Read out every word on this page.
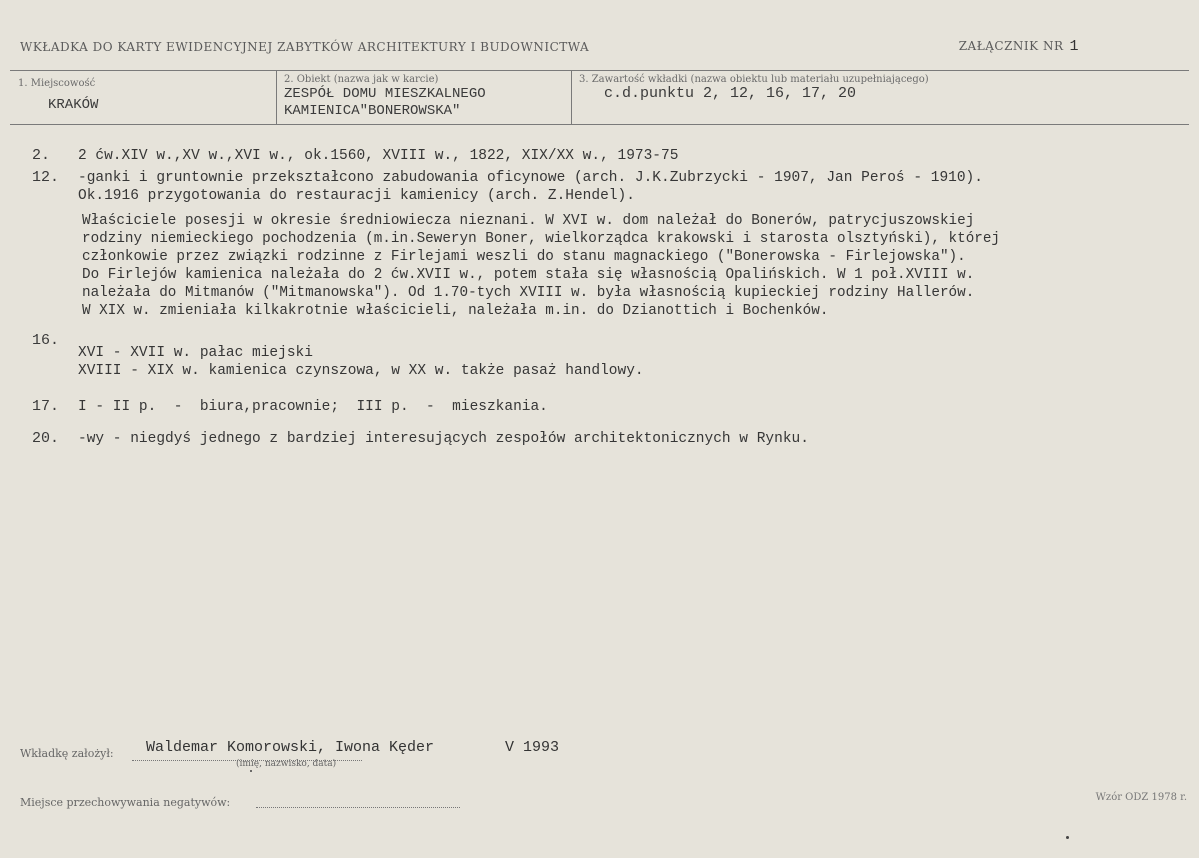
WKŁADKA DO KARTY EWIDENCYJNEJ ZABYTKÓW ARCHITEKTURY I BUDOWNICTWA	ZAŁĄCZNIK NR 1
1. Miejscowość
KRAKÓW
2. Obiekt (nazwa jak w karcie)
ZESPÓŁ DOMU MIESZKALNEGO
KAMIENICA"BONEROWSKA"
3. Zawartość wkładki (nazwa obiektu lub materiału uzupełniającego)
c.d.punktu 2, 12, 16, 17, 20
2. 2 ćw.XIV w.,XV w.,XVI w., ok.1560, XVIII w., 1822, XIX/XX w., 1973-75
12. -ganki i gruntownie przekształcono zabudowania oficynowe (arch. J.K.Zubrzycki - 1907, Jan Peroś - 1910).
Ok.1916 przygotowania do restauracji kamienicy (arch. Z.Hendel).
Właściciele posesji w okresie średniowiecza nieznani. W XVI w. dom należał do Bonerów, patrycjuszowskiej
rodziny niemieckiego pochodzenia (m.in.Seweryn Boner, wielkorządca krakowski i starosta olsztyński), której
członkowie przez związki rodzinne z Firlejami weszli do stanu magnackiego ("Bonerowska - Firlejowska").
Do Firlejów kamienica należała do 2 ćw.XVII w., potem stała się własnością Opalińskich. W 1 poł.XVIII w.
należała do Mitmanów ("Mitmanowska"). Od 1.70-tych XVIII w. była własnością kupieckiej rodziny Hallerów.
W XIX w. zmieniała kilkakrotnie właścicieli, należała m.in. do Dzianottich i Bochenków.
16.
XVI - XVII w. pałac miejski
XVIII - XIX w. kamienica czynszowa, w XX w. także pasaż handlowy.
17. I - II p.  -  biura,pracownie;  III p.  -  mieszkania.
20. -wy - niegdyś jednego z bardziej interesujących zespołów architektonicznych w Rynku.
Wkładkę założył: Waldemar Komorowski, Iwona Kęder	V 1993
(imię, nazwisko, data)
Miejsce przechowywania negatywów:	Wzór ODZ 1978 r.
